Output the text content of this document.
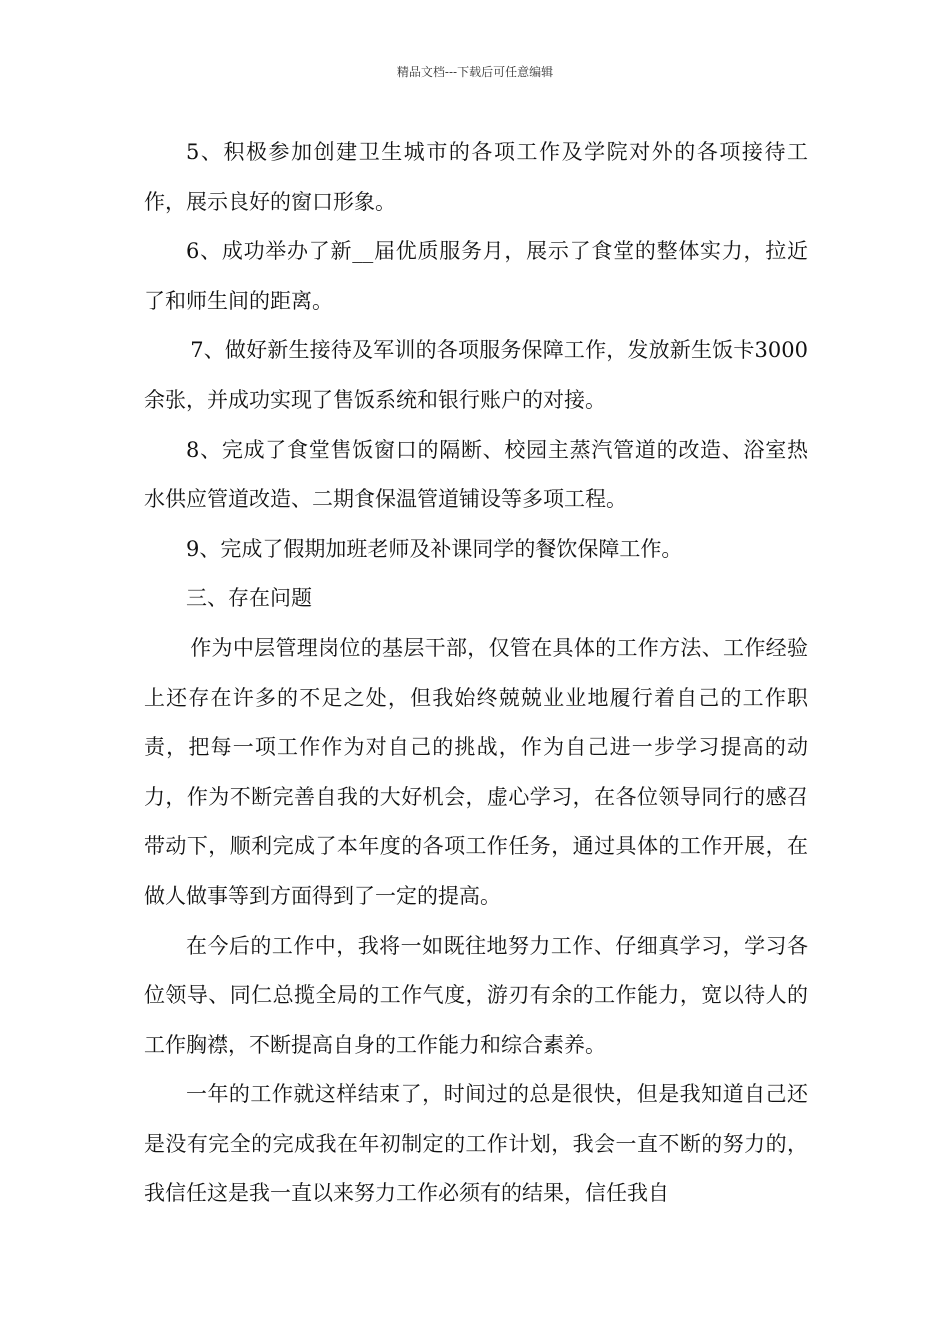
精品文档---下载后可任意编辑

5、积极参加创建卫生城市的各项工作及学院对外的各项接待工作，展示良好的窗口形象。

6、成功举办了新__届优质服务月，展示了食堂的整体实力，拉近了和师生间的距离。

7、做好新生接待及军训的各项服务保障工作，发放新生饭卡3000余张，并成功实现了售饭系统和银行账户的对接。

8、完成了食堂售饭窗口的隔断、校园主蒸汽管道的改造、浴室热水供应管道改造、二期食保温管道铺设等多项工程。

9、完成了假期加班老师及补课同学的餐饮保障工作。

三、存在问题

作为中层管理岗位的基层干部，仅管在具体的工作方法、工作经验上还存在许多的不足之处，但我始终兢兢业业地履行着自己的工作职责，把每一项工作作为对自己的挑战，作为自己进一步学习提高的动力，作为不断完善自我的大好机会，虚心学习，在各位领导同行的感召带动下，顺利完成了本年度的各项工作任务，通过具体的工作开展，在做人做事等到方面得到了一定的提高。

在今后的工作中，我将一如既往地努力工作、仔细真学习，学习各位领导、同仁总揽全局的工作气度，游刃有余的工作能力，宽以待人的工作胸襟，不断提高自身的工作能力和综合素养。

一年的工作就这样结束了，时间过的总是很快，但是我知道自己还是没有完全的完成我在年初制定的工作计划，我会一直不断的努力的，我信任这是我一直以来努力工作必须有的结果，信任我自
